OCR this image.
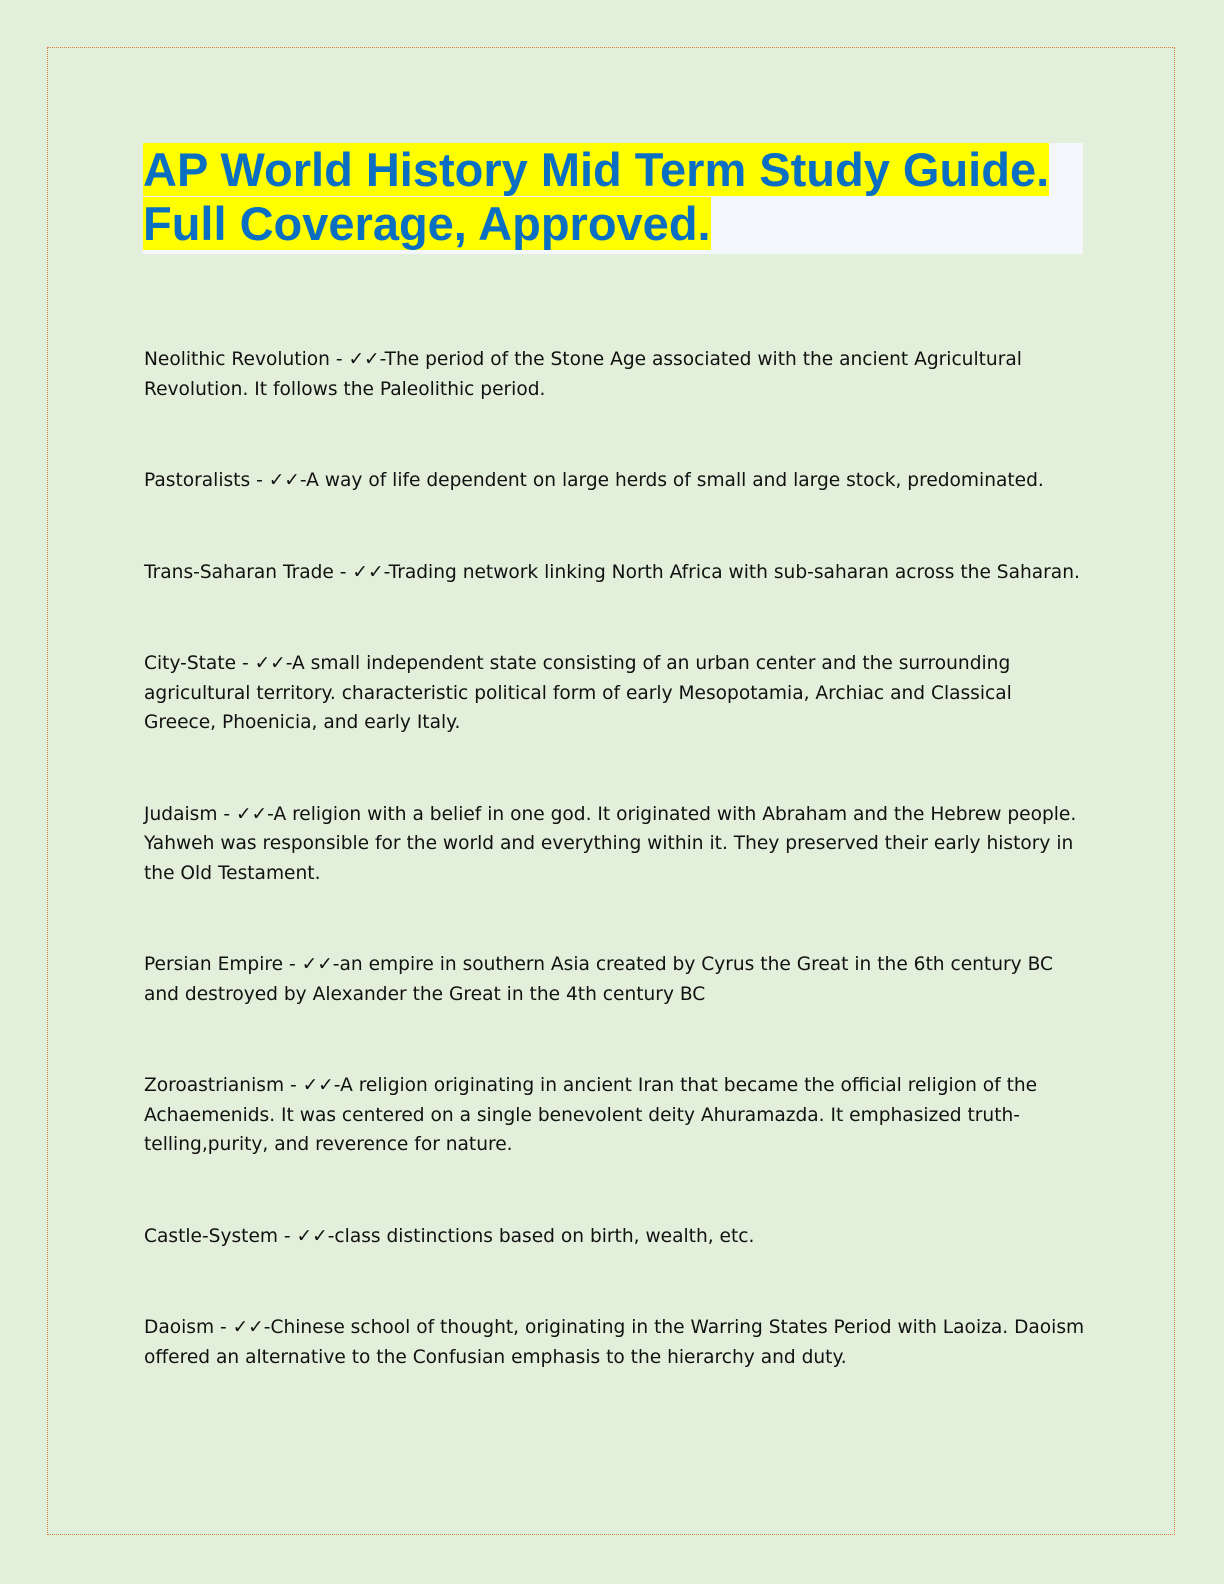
AP World History Mid Term Study Guide.
Full Coverage, Approved.

Neolithic Revolution - ✓✓-The period of the Stone Age associated with the ancient Agricultural Revolution. It follows the Paleolithic period.

Pastoralists - ✓✓-A way of life dependent on large herds of small and large stock, predominated.

Trans-Saharan Trade - ✓✓-Trading network linking North Africa with sub-saharan across the Saharan.

City-State - ✓✓-A small independent state consisting of an urban center and the surrounding agricultural territory. characteristic political form of early Mesopotamia, Archiac and Classical Greece, Phoenicia, and early Italy.

Judaism - ✓✓-A religion with a belief in one god. It originated with Abraham and the Hebrew people. Yahweh was responsible for the world and everything within it. They preserved their early history in the Old Testament.

Persian Empire - ✓✓-an empire in southern Asia created by Cyrus the Great in the 6th century BC and destroyed by Alexander the Great in the 4th century BC

Zoroastrianism - ✓✓-A religion originating in ancient Iran that became the official religion of the Achaemenids. It was centered on a single benevolent deity Ahuramazda. It emphasized truth-telling,purity, and reverence for nature.

Castle-System - ✓✓-class distinctions based on birth, wealth, etc.

Daoism - ✓✓-Chinese school of thought, originating in the Warring States Period with Laoiza. Daoism offered an alternative to the Confusian emphasis to the hierarchy and duty.
